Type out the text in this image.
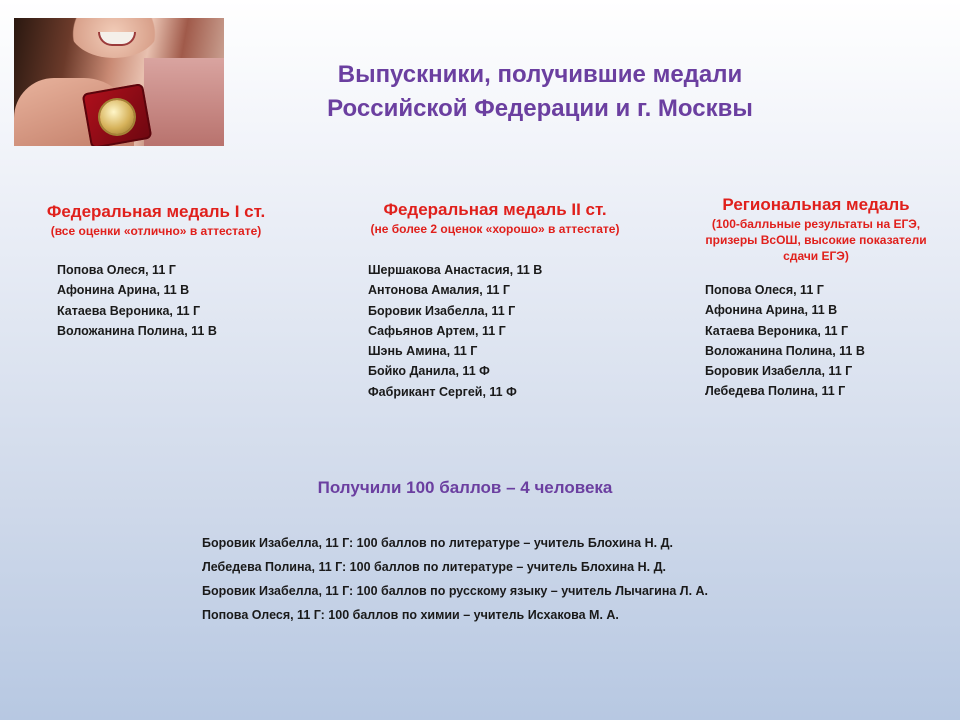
Выпускники, получившие медали
Российской Федерации и г. Москвы
Федеральная медаль I ст.
(все оценки «отлично» в аттестате)
Попова Олеся, 11 Г
Афонина Арина, 11 В
Катаева Вероника, 11 Г
Воложанина Полина, 11 В
Федеральная медаль II ст.
(не более 2 оценок «хорошо» в аттестате)
Шершакова Анастасия, 11 В
Антонова Амалия, 11 Г
Боровик Изабелла, 11 Г
Сафьянов Артем, 11 Г
Шэнь Амина, 11 Г
Бойко Данила, 11 Ф
Фабрикант Сергей, 11 Ф
Региональная медаль
(100-балльные результаты на ЕГЭ, призеры ВсОШ, высокие показатели сдачи ЕГЭ)
Попова Олеся, 11 Г
Афонина Арина, 11 В
Катаева Вероника, 11 Г
Воложанина Полина, 11 В
Боровик Изабелла, 11 Г
Лебедева Полина, 11 Г
Получили 100 баллов – 4 человека
Боровик Изабелла, 11 Г: 100 баллов по литературе – учитель Блохина Н. Д.
Лебедева Полина, 11 Г: 100 баллов по литературе – учитель Блохина Н. Д.
Боровик Изабелла, 11 Г: 100 баллов по русскому языку – учитель Лычагина Л. А.
Попова Олеся, 11 Г: 100 баллов по химии – учитель Исхакова М. А.
